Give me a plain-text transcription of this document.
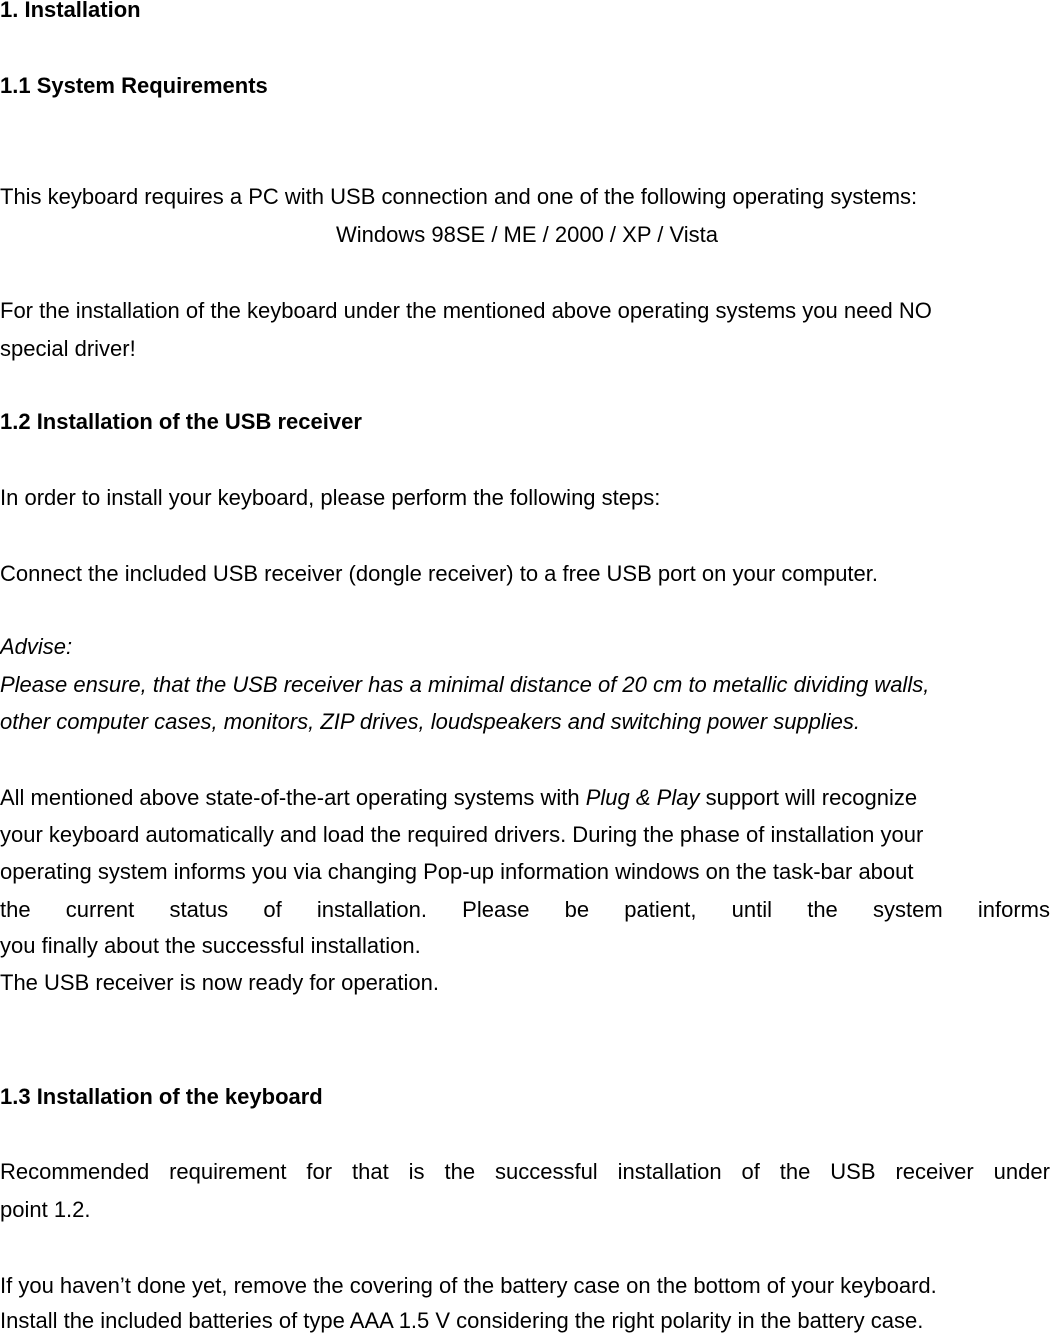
1. Installation
1.1 System Requirements
This keyboard requires a PC with USB connection and one of the following operating systems:
Windows 98SE / ME / 2000 / XP / Vista
For the installation of the keyboard under the mentioned above operating systems you need NO
special driver!
1.2 Installation of the USB receiver
In order to install your keyboard, please perform the following steps:
Connect the included USB receiver (dongle receiver) to a free USB port on your computer.
Advise:
Please ensure, that the USB receiver has a minimal distance of 20 cm to metallic dividing walls,
other computer cases, monitors, ZIP drives, loudspeakers and switching power supplies.
All mentioned above state-of-the-art operating systems with Plug & Play support will recognize
your keyboard automatically and load the required drivers. During the phase of installation your
operating system informs you via changing Pop-up information windows on the task-bar about
the current status of installation. Please be patient, until the system informs
you finally about the successful installation.
The USB receiver is now ready for operation.
1.3 Installation of the keyboard
Recommended requirement for that is the successful installation of the USB receiver under
point 1.2.
If you haven’t done yet, remove the covering of the battery case on the bottom of your keyboard.
Install the included batteries of type AAA 1.5 V considering the right polarity in the battery case.
